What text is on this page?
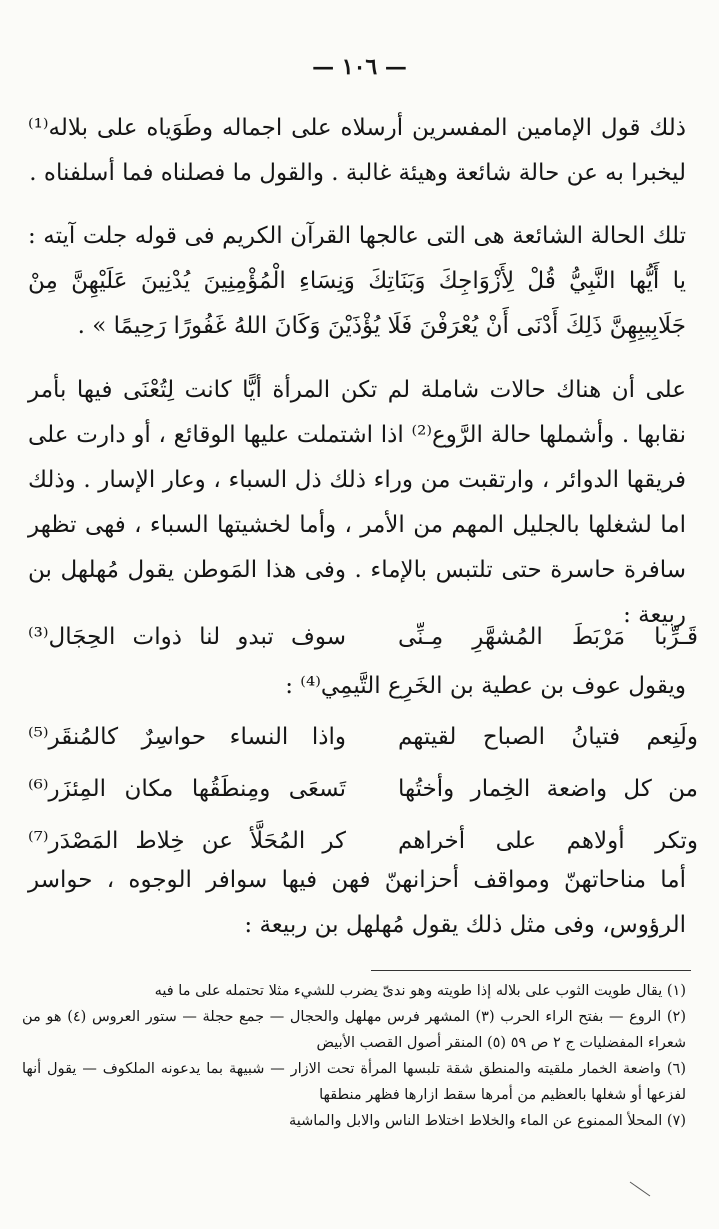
— ١٠٦ —

ذلك قول الإمامين المفسرين أرسلاه على اجماله وطَوَياه على بلاله⁽¹⁾ ليخبرا به عن حالة شائعة وهيئة غالبة . والقول ما فصلناه فما أسلفناه .

تلك الحالة الشائعة هى التى عالجها القرآن الكريم فى قوله جلت آيته : يا أَيُّها النَّبِيُّ قُلْ لِأَزْوَاجِكَ وَبَنَاتِكَ وَنِسَاءِ الْمُؤْمِنِينَ يُدْنِينَ عَلَيْهِنَّ مِنْ جَلَابِيبِهِنَّ ذَلِكَ أَدْنَى أَنْ يُعْرَفْنَ فَلَا يُؤْذَيْنَ وَكَانَ اللهُ غَفُورًا رَحِيمًا » .

على أن هناك حالات شاملة لم تكن المرأة أيًّا كانت لِتُعْنَى فيها بأمر نقابها . وأشملها حالة الرَّوع⁽²⁾ اذا اشتملت عليها الوقائع ، أو دارت على فريقها الدوائر ، وارتقبت من وراء ذلك ذل السباء ، وعار الإسار . وذلك اما لشغلها بالجليل المهم من الأمر ، وأما لخشيتها السباء ، فهى تظهر سافرة حاسرة حتى تلتبس بالإماء . وفى هذا المَوطن يقول مُهلهل بن ربيعة :

قَـرِّبا مَرْبَطَ المُشهَّرِ مِـنِّى
سوف تبدو لنا ذوات الحِجَال⁽³⁾

ويقول عوف بن عطية بن الخَرِع التَّيمِي⁽⁴⁾ :

ولَنِعم فتيانُ الصباح لقيتهم
واذا النساء حواسِرٌ كالمُنقَر⁽⁵⁾
من كل واضعة الخِمار وأختُها
تَسعَى ومِنطَقُها مكان المِئزَر⁽⁶⁾
وتكر أولاهم على أخراهم
كر المُحَلَّأ عن خِلاط المَصْدَر⁽⁷⁾

أما مناحاتهنّ ومواقف أحزانهنّ فهن فيها سوافر الوجوه ، حواسر الرؤوس، وفى مثل ذلك يقول مُهلهل بن ربيعة :

(١) يقال طويت الثوب على بلاله إذا طويته وهو ندىّ يضرب للشيء مثلا تحتمله على ما فيه

(٢) الروع — بفتح الراء الحرب (٣) المشهر فرس مهلهل والحجال — جمع حجلة — ستور العروس (٤) هو من شعراء المفضليات ج ٢ ص ٥٩ (٥) المنقر أصول القصب الأبيض

(٦) واضعة الخمار ملقيته والمنطق شقة تلبسها المرأة تحت الازار — شبيهة بما يدعونه الملكوف — يقول أنها لفزعها أو شغلها بالعظيم من أمرها سقط ازارها فظهر منطقها

(٧) المحلأ الممنوع عن الماء والخلاط اختلاط الناس والابل والماشية
